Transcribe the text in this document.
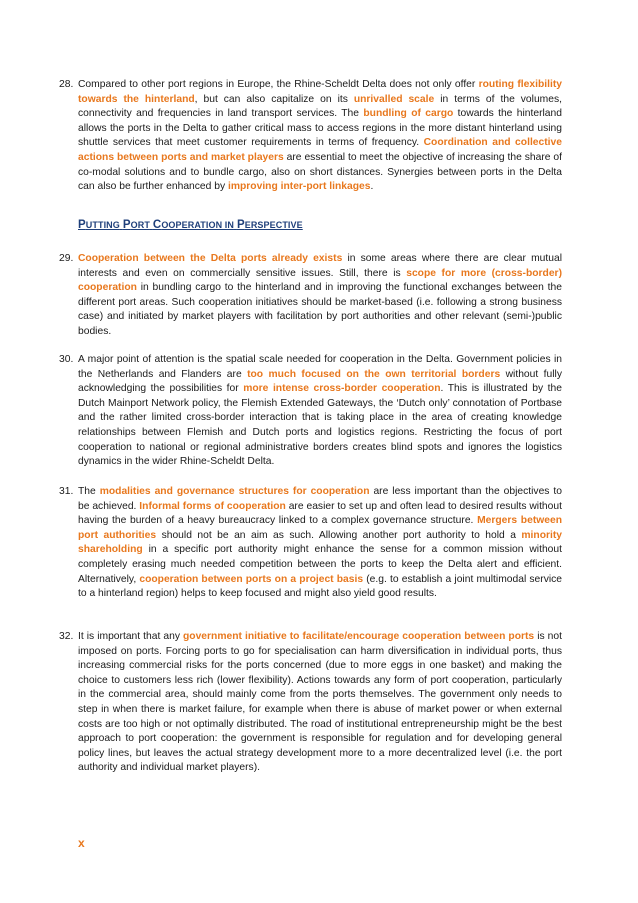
28. Compared to other port regions in Europe, the Rhine-Scheldt Delta does not only offer routing flexibility towards the hinterland, but can also capitalize on its unrivalled scale in terms of the volumes, connectivity and frequencies in land transport services. The bundling of cargo towards the hinterland allows the ports in the Delta to gather critical mass to access regions in the more distant hinterland using shuttle services that meet customer requirements in terms of frequency. Coordination and collective actions between ports and market players are essential to meet the objective of increasing the share of co-modal solutions and to bundle cargo, also on short distances. Synergies between ports in the Delta can also be further enhanced by improving inter-port linkages.

PUTTING PORT COOPERATION IN PERSPECTIVE

29. Cooperation between the Delta ports already exists in some areas where there are clear mutual interests and even on commercially sensitive issues. Still, there is scope for more (cross-border) cooperation in bundling cargo to the hinterland and in improving the functional exchanges between the different port areas. Such cooperation initiatives should be market-based (i.e. following a strong business case) and initiated by market players with facilitation by port authorities and other relevant (semi-)public bodies.

30. A major point of attention is the spatial scale needed for cooperation in the Delta. Government policies in the Netherlands and Flanders are too much focused on the own territorial borders without fully acknowledging the possibilities for more intense cross-border cooperation. This is illustrated by the Dutch Mainport Network policy, the Flemish Extended Gateways, the ‘Dutch only’ connotation of Portbase and the rather limited cross-border interaction that is taking place in the area of creating knowledge relationships between Flemish and Dutch ports and logistics regions. Restricting the focus of port cooperation to national or regional administrative borders creates blind spots and ignores the logistics dynamics in the wider Rhine-Scheldt Delta.

31. The modalities and governance structures for cooperation are less important than the objectives to be achieved. Informal forms of cooperation are easier to set up and often lead to desired results without having the burden of a heavy bureaucracy linked to a complex governance structure. Mergers between port authorities should not be an aim as such. Allowing another port authority to hold a minority shareholding in a specific port authority might enhance the sense for a common mission without completely erasing much needed competition between the ports to keep the Delta alert and efficient. Alternatively, cooperation between ports on a project basis (e.g. to establish a joint multimodal service to a hinterland region) helps to keep focused and might also yield good results.

32. It is important that any government initiative to facilitate/encourage cooperation between ports is not imposed on ports. Forcing ports to go for specialisation can harm diversification in individual ports, thus increasing commercial risks for the ports concerned (due to more eggs in one basket) and making the choice to customers less rich (lower flexibility). Actions towards any form of port cooperation, particularly in the commercial area, should mainly come from the ports themselves. The government only needs to step in when there is market failure, for example when there is abuse of market power or when external costs are too high or not optimally distributed. The road of institutional entrepreneurship might be the best approach to port cooperation: the government is responsible for regulation and for developing general policy lines, but leaves the actual strategy development more to a more decentralized level (i.e. the port authority and individual market players).

x
